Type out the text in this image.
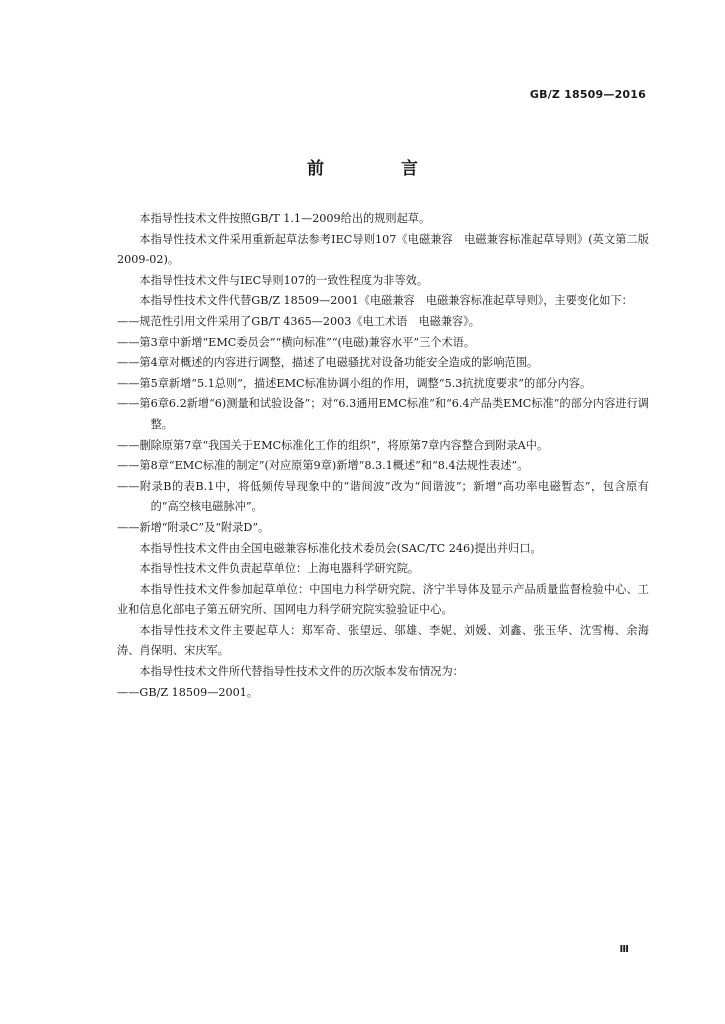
GB/Z 18509—2016
前　言
本指导性技术文件按照GB/T 1.1—2009给出的规则起草。
本指导性技术文件采用重新起草法参考IEC导则107《电磁兼容　电磁兼容标准起草导则》(英文第二版　2009-02)。
本指导性技术文件与IEC导则107的一致性程度为非等效。
本指导性技术文件代替GB/Z 18509—2001《电磁兼容　电磁兼容标准起草导则》，主要变化如下：
——规范性引用文件采用了GB/T 4365—2003《电工术语　电磁兼容》。
——第3章中新增“EMC委员会”“横向标准”“(电磁)兼容水平”三个术语。
——第4章对概述的内容进行调整，描述了电磁骚扰对设备功能安全造成的影响范围。
——第5章新增“5.1总则”，描述EMC标准协调小组的作用，调整“5.3抗扰度要求”的部分内容。
——第6章6.2新增“6)测量和试验设备”；对“6.3通用EMC标准”和“6.4产品类EMC标准”的部分内容进行调整。
——删除原第7章“我国关于EMC标准化工作的组织”，将原第7章内容整合到附录A中。
——第8章“EMC标准的制定”(对应原第9章)新增“8.3.1概述”和“8.4法规性表述”。
——附录B的表B.1中，将低频传导现象中的“谐间波”改为“间谐波”；新增“高功率电磁暂态”，包含原有的“高空核电磁脉冲”。
——新增“附录C”及“附录D”。
本指导性技术文件由全国电磁兼容标准化技术委员会(SAC/TC 246)提出并归口。
本指导性技术文件负责起草单位：上海电器科学研究院。
本指导性技术文件参加起草单位：中国电力科学研究院、济宁半导体及显示产品质量监督检验中心、工业和信息化部电子第五研究所、国网电力科学研究院实验验证中心。
本指导性技术文件主要起草人：郑军奇、张望远、邬雄、李妮、刘媛、刘鑫、张玉华、沈雪梅、余海涛、肖保明、宋庆军。
本指导性技术文件所代替指导性技术文件的历次版本发布情况为：
——GB/Z 18509—2001。
Ⅲ
